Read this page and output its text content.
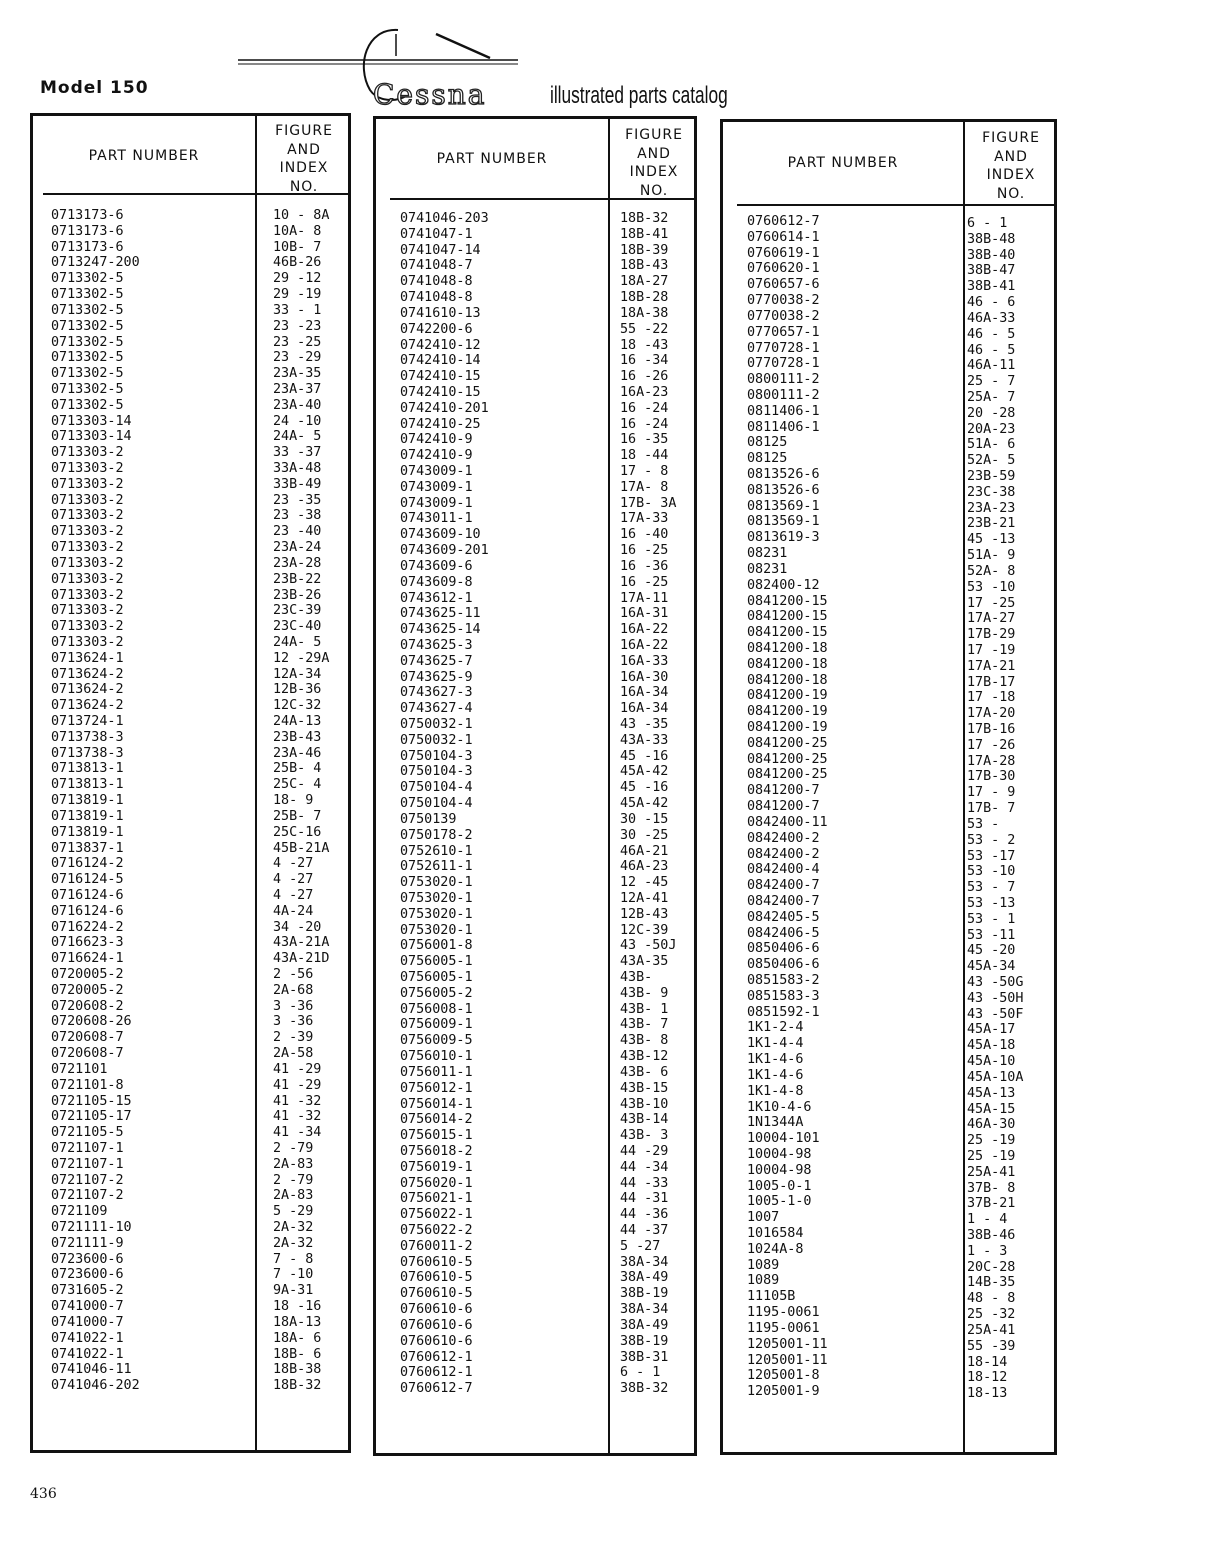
Model 150	Cessna	illustrated parts catalog
PART NUMBER
FIGURE
AND
INDEX
NO.
0713173-6
0713173-6
0713173-6
0713247-200
0713302-5
0713302-5
0713302-5
0713302-5
0713302-5
0713302-5
0713302-5
0713302-5
0713302-5
0713303-14
0713303-14
0713303-2
0713303-2
0713303-2
0713303-2
0713303-2
0713303-2
0713303-2
0713303-2
0713303-2
0713303-2
0713303-2
0713303-2
0713303-2
0713624-1
0713624-2
0713624-2
0713624-2
0713724-1
0713738-3
0713738-3
0713813-1
0713813-1
0713819-1
0713819-1
0713819-1
0713837-1
0716124-2
0716124-5
0716124-6
0716124-6
0716224-2
0716623-3
0716624-1
0720005-2
0720005-2
0720608-2
0720608-26
0720608-7
0720608-7
0721101
0721101-8
0721105-15
0721105-17
0721105-5
0721107-1
0721107-1
0721107-2
0721107-2
0721109
0721111-10
0721111-9
0723600-6
0723600-6
0731605-2
0741000-7
0741000-7
0741022-1
0741022-1
0741046-11
0741046-202
10 - 8A
10A- 8
10B- 7
46B-26
29 -12
29 -19
33 - 1
23 -23
23 -25
23 -29
23A-35
23A-37
23A-40
24 -10
24A- 5
33 -37
33A-48
33B-49
23 -35
23 -38
23 -40
23A-24
23A-28
23B-22
23B-26
23C-39
23C-40
24A- 5
12 -29A
12A-34
12B-36
12C-32
24A-13
23B-43
23A-46
25B- 4
25C- 4
18- 9
25B- 7
25C-16
45B-21A
4 -27
4 -27
4 -27
4A-24
34 -20
43A-21A
43A-21D
2 -56
2A-68
3 -36
3 -36
2 -39
2A-58
41 -29
41 -29
41 -32
41 -32
41 -34
2 -79
2A-83
2 -79
2A-83
5 -29
2A-32
2A-32
7 - 8
7 -10
9A-31
18 -16
18A-13
18A- 6
18B- 6
18B-38
18B-32
PART NUMBER
FIGURE
AND
INDEX
NO.
0741046-203
0741047-1
0741047-14
0741048-7
0741048-8
0741048-8
0741610-13
0742200-6
0742410-12
0742410-14
0742410-15
0742410-15
0742410-201
0742410-25
0742410-9
0742410-9
0743009-1
0743009-1
0743009-1
0743011-1
0743609-10
0743609-201
0743609-6
0743609-8
0743612-1
0743625-11
0743625-14
0743625-3
0743625-7
0743625-9
0743627-3
0743627-4
0750032-1
0750032-1
0750104-3
0750104-3
0750104-4
0750104-4
0750139
0750178-2
0752610-1
0752611-1
0753020-1
0753020-1
0753020-1
0753020-1
0756001-8
0756005-1
0756005-1
0756005-2
0756008-1
0756009-1
0756009-5
0756010-1
0756011-1
0756012-1
0756014-1
0756014-2
0756015-1
0756018-2
0756019-1
0756020-1
0756021-1
0756022-1
0756022-2
0760011-2
0760610-5
0760610-5
0760610-5
0760610-6
0760610-6
0760610-6
0760612-1
0760612-1
0760612-7
18B-32
18B-41
18B-39
18B-43
18A-27
18B-28
18A-38
55 -22
18 -43
16 -34
16 -26
16A-23
16 -24
16 -24
16 -35
18 -44
17 - 8
17A- 8
17B- 3A
17A-33
16 -40
16 -25
16 -36
16 -25
17A-11
16A-31
16A-22
16A-22
16A-33
16A-30
16A-34
16A-34
43 -35
43A-33
45 -16
45A-42
45 -16
45A-42
30 -15
30 -25
46A-21
46A-23
12 -45
12A-41
12B-43
12C-39
43 -50J
43A-35
43B-
43B- 9
43B- 1
43B- 7
43B- 8
43B-12
43B- 6
43B-15
43B-10
43B-14
43B- 3
44 -29
44 -34
44 -33
44 -31
44 -36
44 -37
5 -27
38A-34
38A-49
38B-19
38A-34
38A-49
38B-19
38B-31
6 - 1
38B-32
PART NUMBER
FIGURE
AND
INDEX
NO.
0760612-7
0760614-1
0760619-1
0760620-1
0760657-6
0770038-2
0770038-2
0770657-1
0770728-1
0770728-1
0800111-2
0800111-2
0811406-1
0811406-1
08125
08125
0813526-6
0813526-6
0813569-1
0813569-1
0813619-3
08231
08231
082400-12
0841200-15
0841200-15
0841200-15
0841200-18
0841200-18
0841200-18
0841200-19
0841200-19
0841200-19
0841200-25
0841200-25
0841200-25
0841200-7
0841200-7
0842400-11
0842400-2
0842400-2
0842400-4
0842400-7
0842400-7
0842405-5
0842406-5
0850406-6
0850406-6
0851583-2
0851583-3
0851592-1
1K1-2-4
1K1-4-4
1K1-4-6
1K1-4-6
1K1-4-8
1K10-4-6
1N1344A
10004-101
10004-98
10004-98
1005-0-1
1005-1-0
1007
1016584
1024A-8
1089
1089
11105B
1195-0061
1195-0061
1205001-11
1205001-11
1205001-8
1205001-9
6 - 1
38B-48
38B-40
38B-47
38B-41
46 - 6
46A-33
46 - 5
46 - 5
46A-11
25 - 7
25A- 7
20 -28
20A-23
51A- 6
52A- 5
23B-59
23C-38
23A-23
23B-21
45 -13
51A- 9
52A- 8
53 -10
17 -25
17A-27
17B-29
17 -19
17A-21
17B-17
17 -18
17A-20
17B-16
17 -26
17A-28
17B-30
17 - 9
17B- 7
53 -
53 - 2
53 -17
53 -10
53 - 7
53 -13
53 - 1
53 -11
45 -20
45A-34
43 -50G
43 -50H
43 -50F
45A-17
45A-18
45A-10
45A-10A
45A-13
45A-15
46A-30
25 -19
25 -19
25A-41
37B- 8
37B-21
1 - 4
38B-46
1 - 3
20C-28
14B-35
48 - 8
25 -32
25A-41
55 -39
18-14
18-12
18-13
436
